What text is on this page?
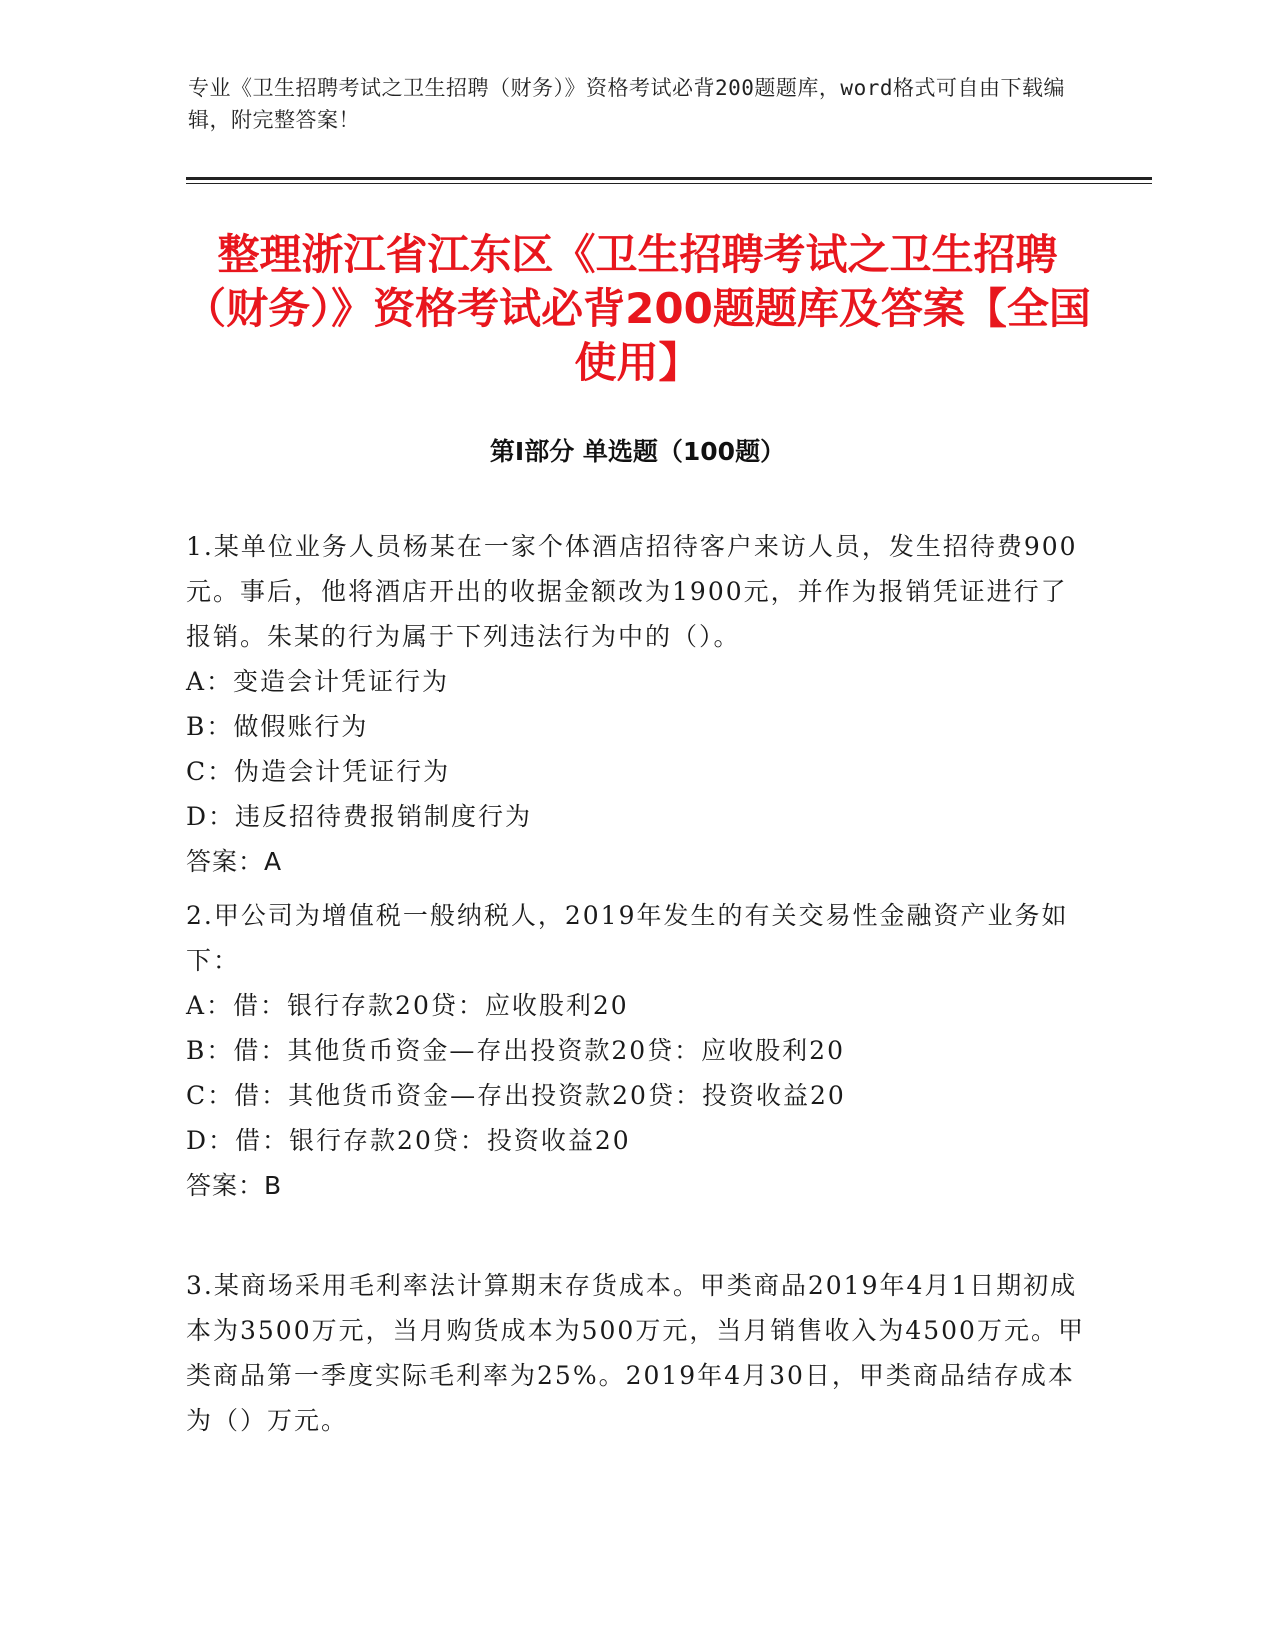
专业《卫生招聘考试之卫生招聘（财务）》资格考试必背200题题库，word格式可自由下载编辑，附完整答案！
整理浙江省江东区《卫生招聘考试之卫生招聘（财务）》资格考试必背200题题库及答案【全国使用】
第I部分 单选题（100题）
1.某单位业务人员杨某在一家个体酒店招待客户来访人员，发生招待费900元。事后，他将酒店开出的收据金额改为1900元，并作为报销凭证进行了报销。朱某的行为属于下列违法行为中的（）。
A：变造会计凭证行为
B：做假账行为
C：伪造会计凭证行为
D：违反招待费报销制度行为
答案：A
2.甲公司为增值税一般纳税人，2019年发生的有关交易性金融资产业务如下：
A：借：银行存款20贷：应收股利20
B：借：其他货币资金—存出投资款20贷：应收股利20
C：借：其他货币资金—存出投资款20贷：投资收益20
D：借：银行存款20贷：投资收益20
答案：B
3.某商场采用毛利率法计算期末存货成本。甲类商品2019年4月1日期初成本为3500万元，当月购货成本为500万元，当月销售收入为4500万元。甲类商品第一季度实际毛利率为25%。2019年4月30日，甲类商品结存成本为（）万元。
